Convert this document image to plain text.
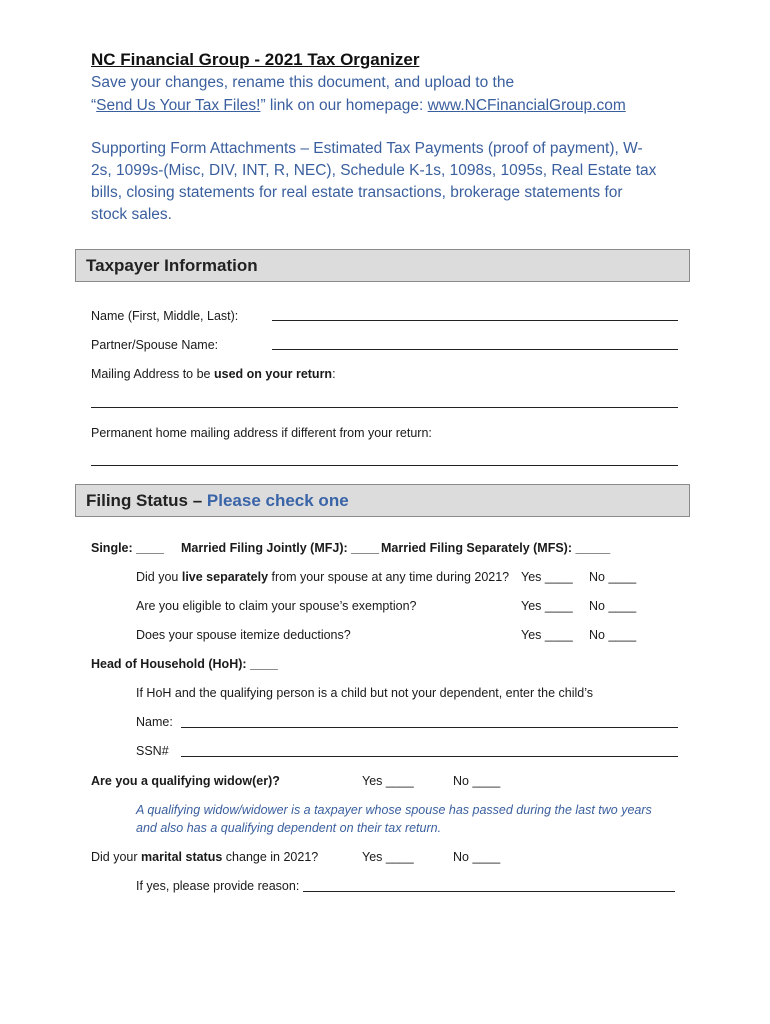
NC Financial Group - 2021 Tax Organizer
Save your changes, rename this document, and upload to the
“Send Us Your Tax Files!” link on our homepage: www.NCFinancialGroup.com
Supporting Form Attachments – Estimated Tax Payments (proof of payment), W-
2s, 1099s-(Misc, DIV, INT, R, NEC), Schedule K-1s, 1098s, 1095s, Real Estate tax
bills, closing statements for real estate transactions, brokerage statements for
stock sales.
Taxpayer Information
Name (First, Middle, Last):
Partner/Spouse Name:
Mailing Address to be used on your return:
Permanent home mailing address if different from your return:
Filing Status – Please check one
Single: ____ Married Filing Jointly (MFJ): ____ Married Filing Separately (MFS): _____
Did you live separately from your spouse at any time during 2021? Yes ____ No ____
Are you eligible to claim your spouse’s exemption?	Yes ____ No ____
Does your spouse itemize deductions?	Yes ____ No ____
Head of Household (HoH): ____
If HoH and the qualifying person is a child but not your dependent, enter the child’s
Name:
SSN#
Are you a qualifying widow(er)?	Yes ____	No ____
A qualifying widow/widower is a taxpayer whose spouse has passed during the last two years
and also has a qualifying dependent on their tax return.
Did your marital status change in 2021?	Yes ____	No ____
If yes, please provide reason:
